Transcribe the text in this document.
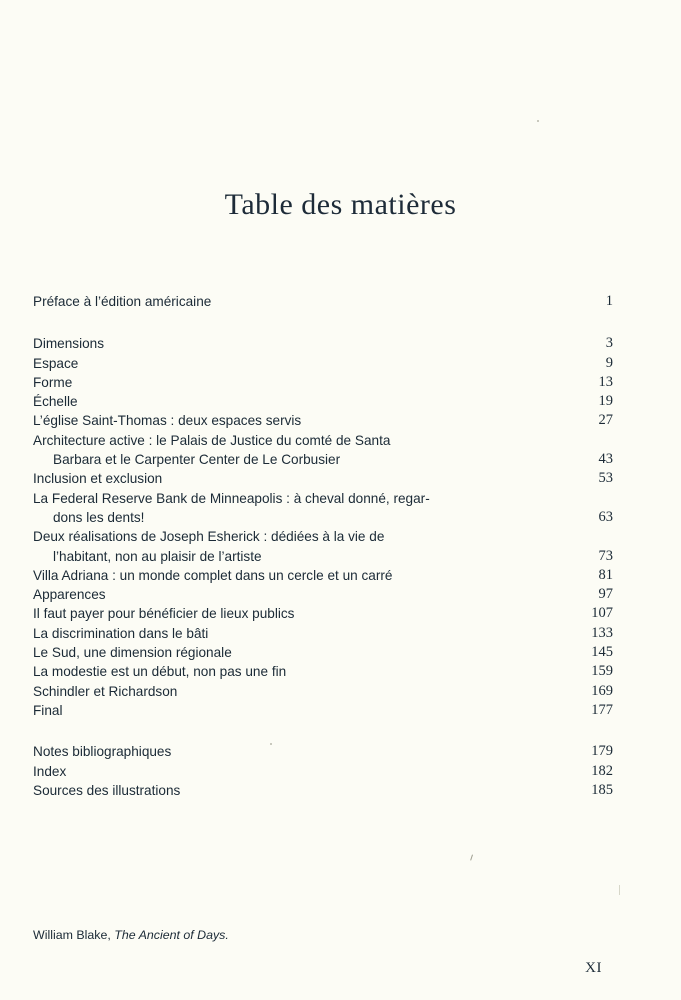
Table des matières
Préface à l’édition américaine	1
Dimensions	3
Espace	9
Forme	13
Échelle	19
L’église Saint-Thomas : deux espaces servis	27
Architecture active : le Palais de Justice du comté de Santa
Barbara et le Carpenter Center de Le Corbusier	43
Inclusion et exclusion	53
La Federal Reserve Bank de Minneapolis : à cheval donné, regar-
dons les dents!	63
Deux réalisations de Joseph Esherick : dédiées à la vie de
l’habitant, non au plaisir de l’artiste	73
Villa Adriana : un monde complet dans un cercle et un carré	81
Apparences	97
Il faut payer pour bénéficier de lieux publics	107
La discrimination dans le bâti	133
Le Sud, une dimension régionale	145
La modestie est un début, non pas une fin	159
Schindler et Richardson	169
Final	177
Notes bibliographiques	179
Index	182
Sources des illustrations	185
William Blake, The Ancient of Days.
XI
